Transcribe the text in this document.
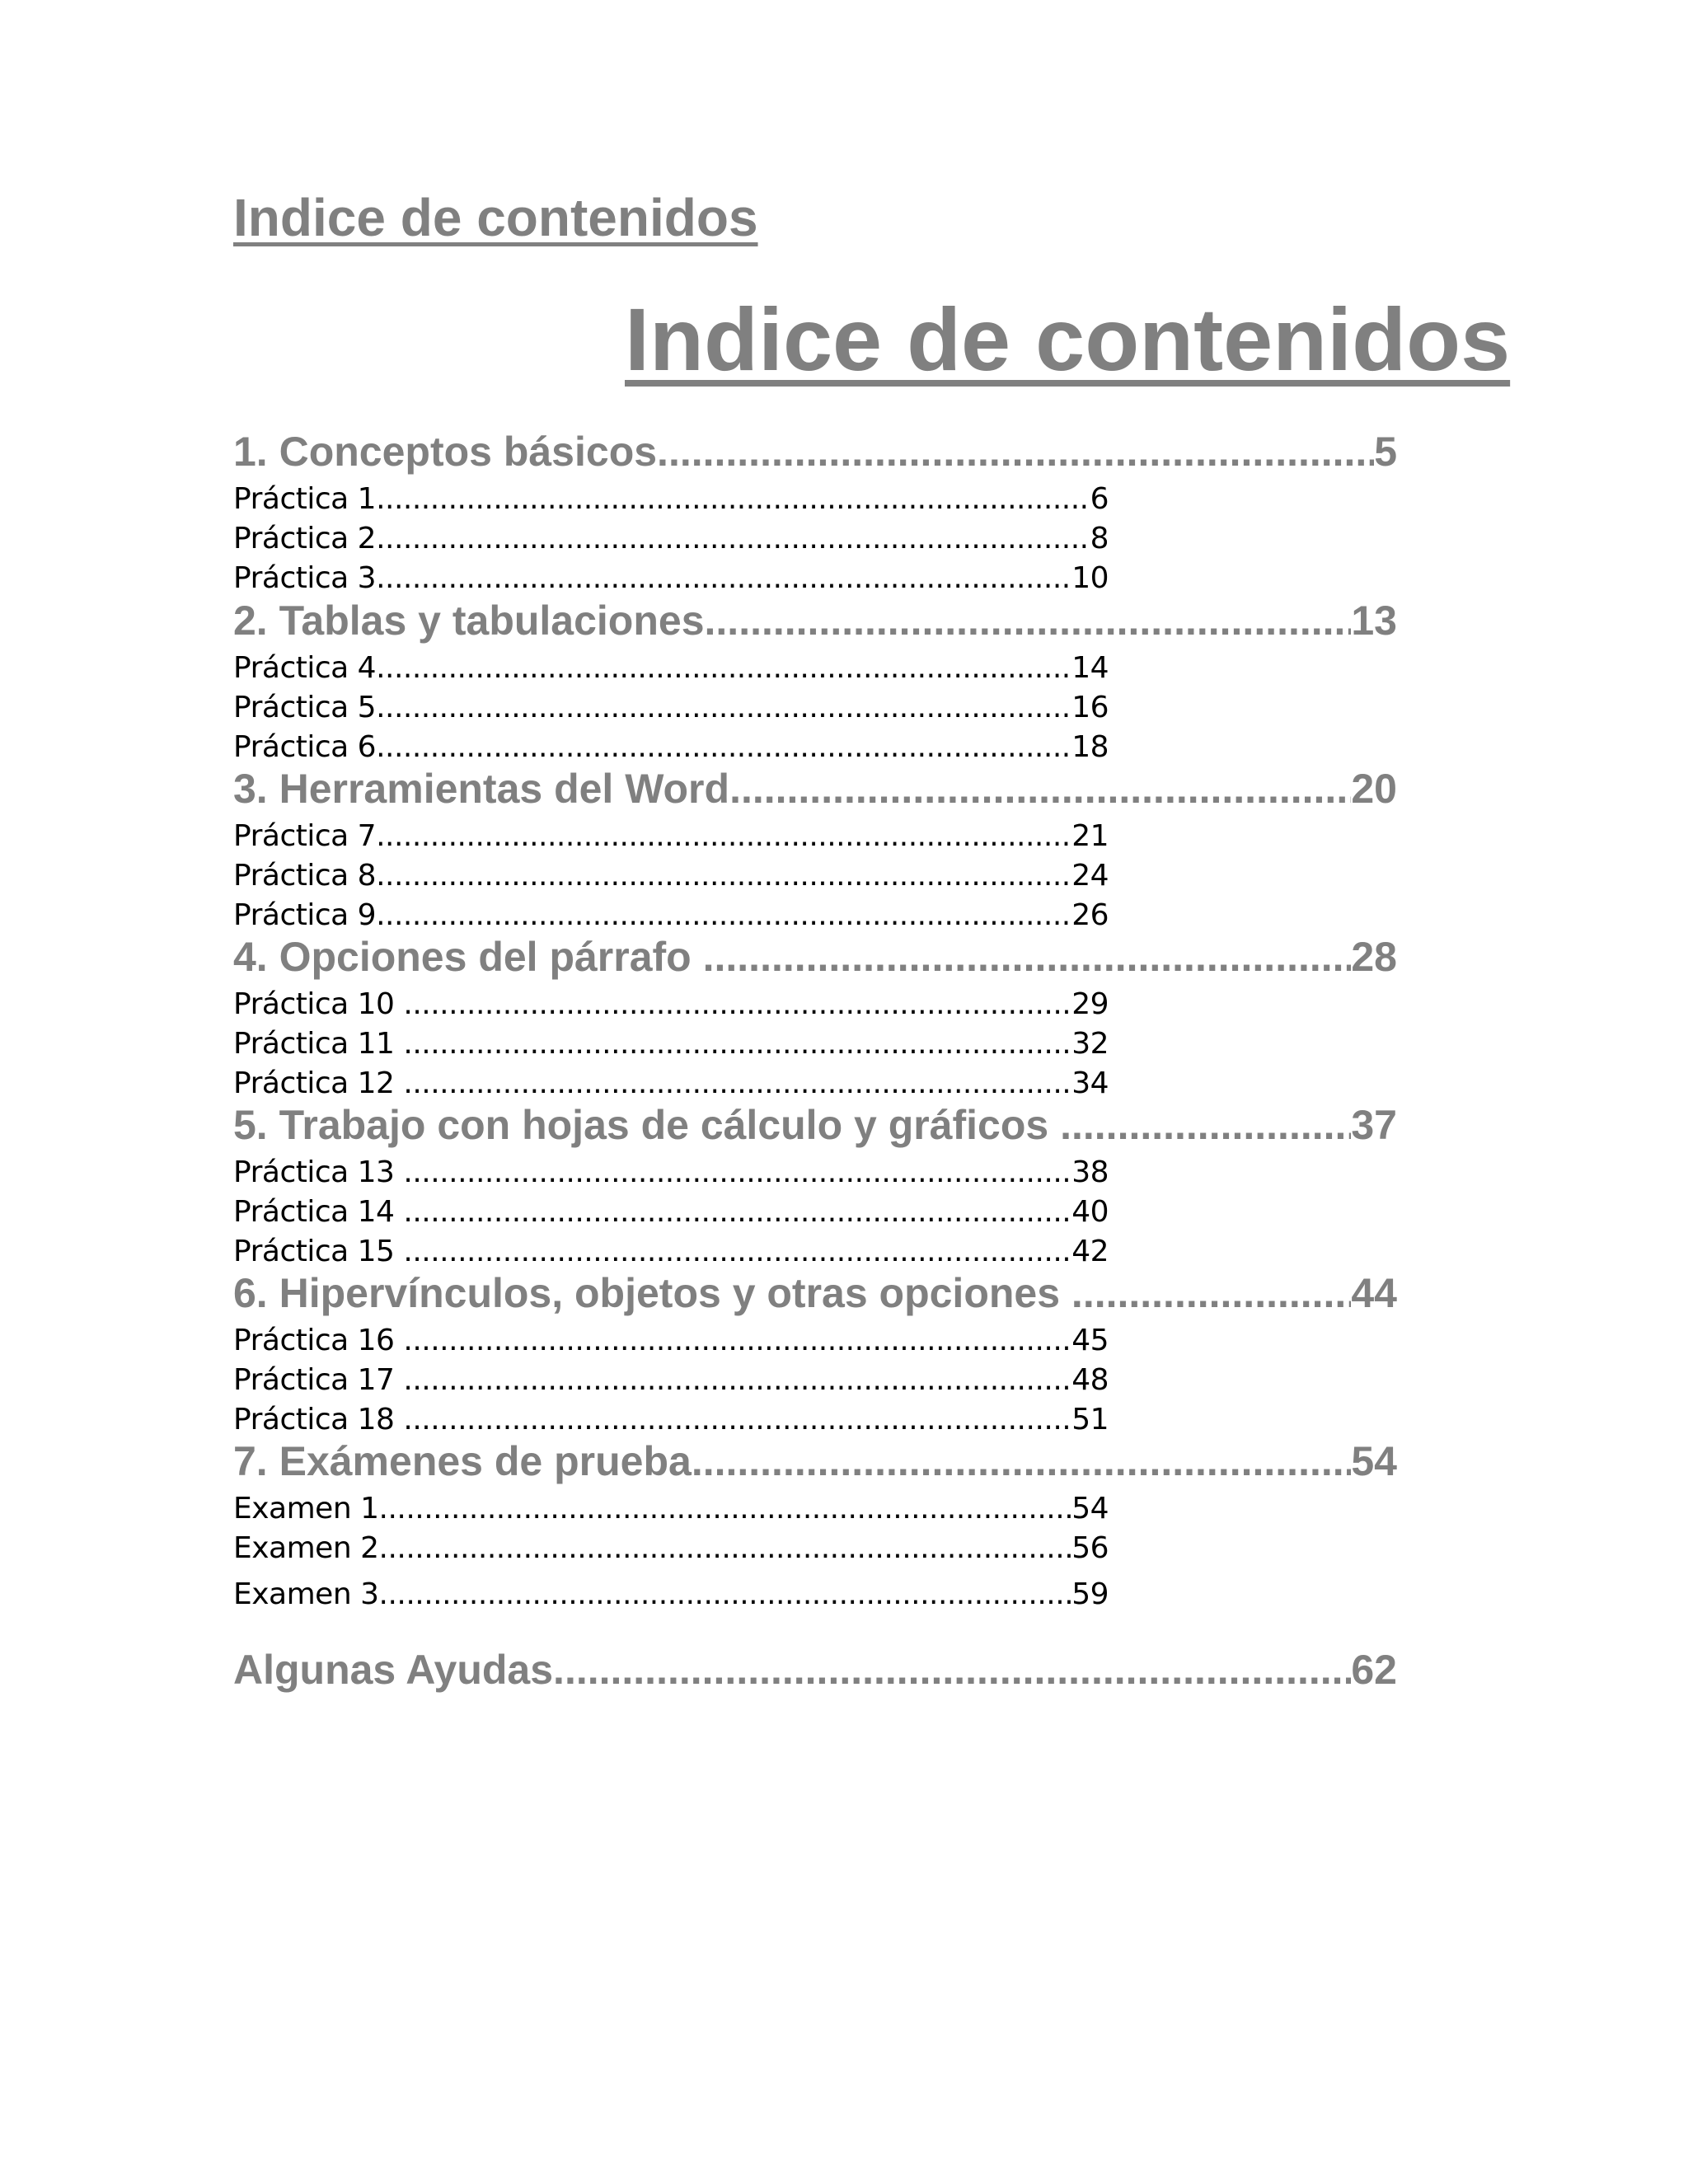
Indice de contenidos
Indice de contenidos
1. Conceptos básicos .....	5
Práctica 1 .....	6
Práctica 2 .....	8
Práctica 3 .....	10
2. Tablas y tabulaciones .....	13
Práctica 4 .....	14
Práctica 5 .....	16
Práctica 6 .....	18
3. Herramientas del Word .....	20
Práctica 7 .....	21
Práctica 8 .....	24
Práctica 9 .....	26
4. Opciones del párrafo .....	28
Práctica 10 .....	29
Práctica 11 .....	32
Práctica 12 .....	34
5. Trabajo con hojas de cálculo y gráficos .....	37
Práctica 13 .....	38
Práctica 14 .....	40
Práctica 15 .....	42
6. Hipervínculos, objetos y otras opciones .....	44
Práctica 16 .....	45
Práctica 17 .....	48
Práctica 18 .....	51
7. Exámenes de prueba .....	54
Examen 1 .....	54
Examen 2 .....	56
Examen 3 .....	59
Algunas Ayudas .....	62
